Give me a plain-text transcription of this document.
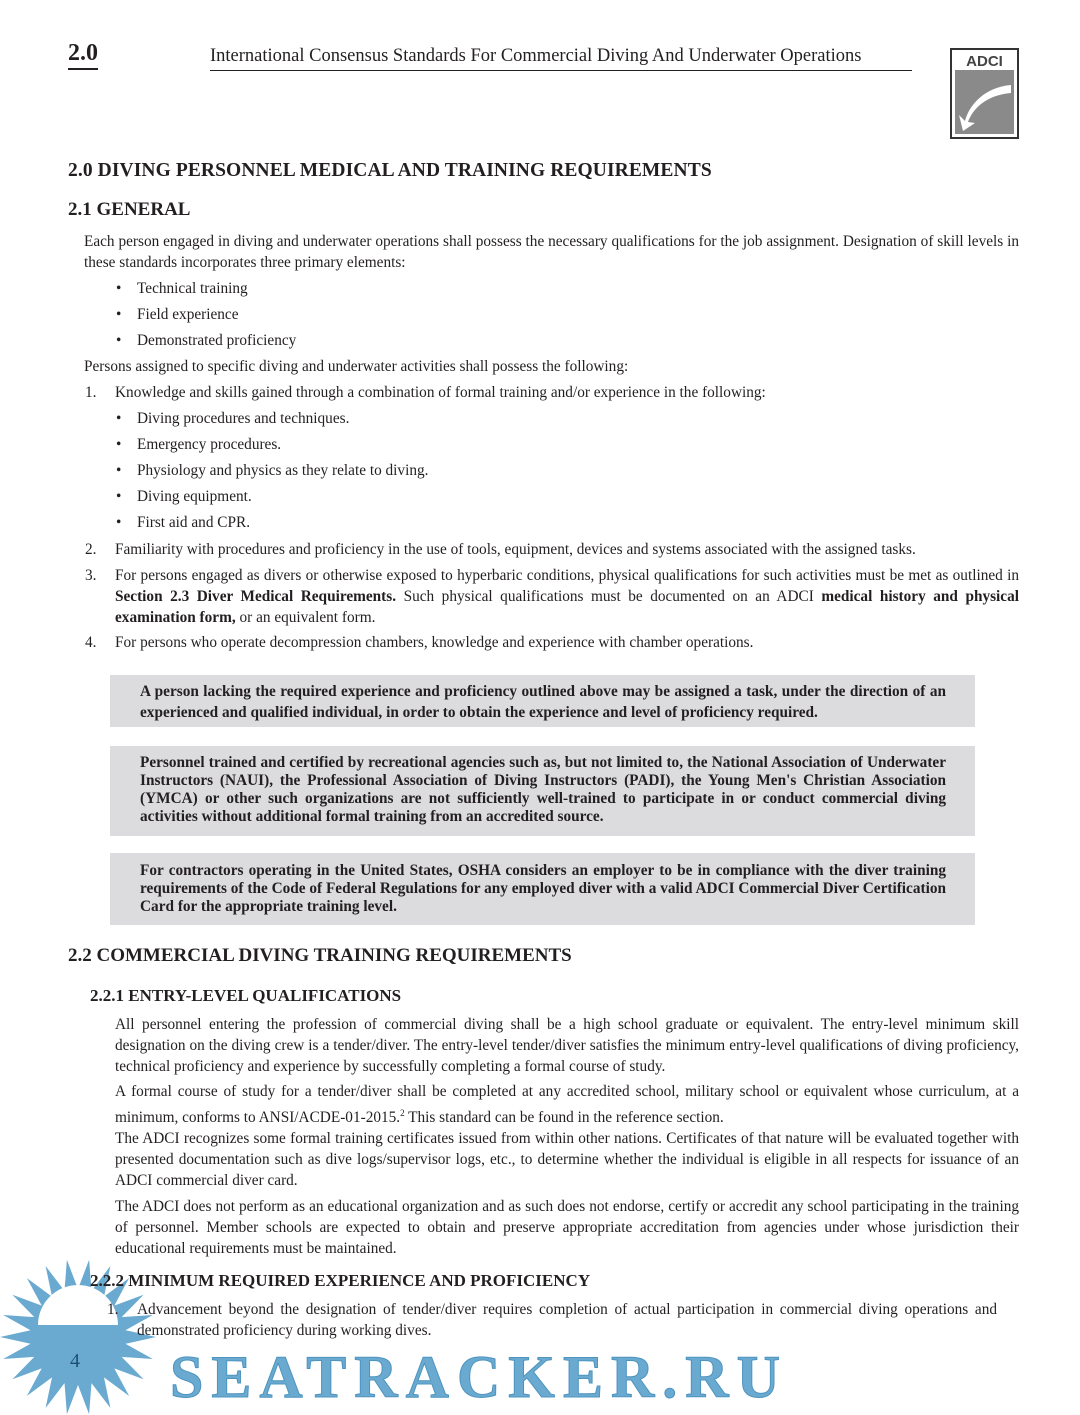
2.0	International Consensus Standards For Commercial Diving And Underwater Operations	ADCI
2.0 DIVING PERSONNEL MEDICAL AND TRAINING REQUIREMENTS
2.1 GENERAL
Each person engaged in diving and underwater operations shall possess the necessary qualifications for the job assignment. Designation of skill levels in these standards incorporates three primary elements:
• Technical training
• Field experience
• Demonstrated proficiency
Persons assigned to specific diving and underwater activities shall possess the following:
1. Knowledge and skills gained through a combination of formal training and/or experience in the following:
• Diving procedures and techniques.
• Emergency procedures.
• Physiology and physics as they relate to diving.
• Diving equipment.
• First aid and CPR.
2. Familiarity with procedures and proficiency in the use of tools, equipment, devices and systems associated with the assigned tasks.
3. For persons engaged as divers or otherwise exposed to hyperbaric conditions, physical qualifications for such activities must be met as outlined in Section 2.3 Diver Medical Requirements. Such physical qualifications must be documented on an ADCI medical history and physical examination form, or an equivalent form.
4. For persons who operate decompression chambers, knowledge and experience with chamber operations.
A person lacking the required experience and proficiency outlined above may be assigned a task, under the direction of an experienced and qualified individual, in order to obtain the experience and level of proficiency required.
Personnel trained and certified by recreational agencies such as, but not limited to, the National Association of Underwater Instructors (NAUI), the Professional Association of Diving Instructors (PADI), the Young Men's Christian Association (YMCA) or other such organizations are not sufficiently well-trained to participate in or conduct commercial diving activities without additional formal training from an accredited source.
For contractors operating in the United States, OSHA considers an employer to be in compliance with the diver training requirements of the Code of Federal Regulations for any employed diver with a valid ADCI Commercial Diver Certification Card for the appropriate training level.
2.2 COMMERCIAL DIVING TRAINING REQUIREMENTS
2.2.1 ENTRY-LEVEL QUALIFICATIONS
All personnel entering the profession of commercial diving shall be a high school graduate or equivalent. The entry-level minimum skill designation on the diving crew is a tender/diver. The entry-level tender/diver satisfies the minimum entry-level qualifications of diving proficiency, technical proficiency and experience by successfully completing a formal course of study.
A formal course of study for a tender/diver shall be completed at any accredited school, military school or equivalent whose curriculum, at a minimum, conforms to ANSI/ACDE-01-2015.$^2$ This standard can be found in the reference section.
The ADCI recognizes some formal training certificates issued from within other nations. Certificates of that nature will be evaluated together with presented documentation such as dive logs/supervisor logs, etc., to determine whether the individual is eligible in all respects for issuance of an ADCI commercial diver card.
The ADCI does not perform as an educational organization and as such does not endorse, certify or accredit any school participating in the training of personnel. Member schools are expected to obtain and preserve appropriate accreditation from agencies under whose jurisdiction their educational requirements must be maintained.
2.2.2 MINIMUM REQUIRED EXPERIENCE AND PROFICIENCY
1. Advancement beyond the designation of tender/diver requires completion of actual participation in commercial diving operations and demonstrated proficiency during working dives.
4 SEATRACKER.RU
